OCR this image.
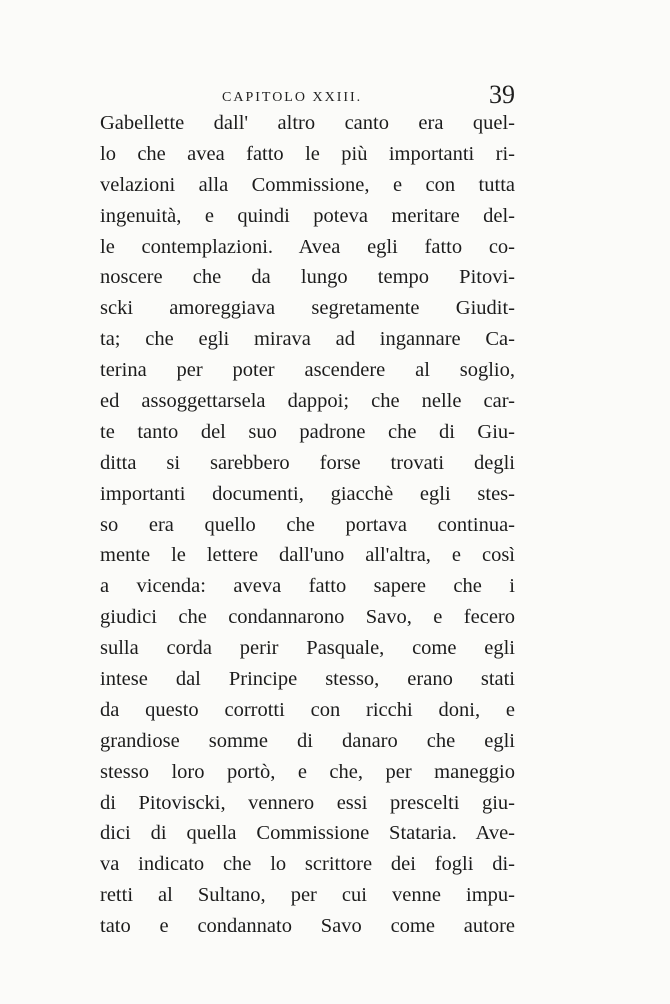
CAPITOLO XXIII.	39
Gabellette dall' altro canto era quel-
lo che avea fatto le più importanti ri-
velazioni alla Commissione, e con tutta
ingenuità, e quindi poteva meritare del-
le contemplazioni. Avea egli fatto co-
noscere che da lungo tempo Pitovi-
scki amoreggiava segretamente Giudit-
ta; che egli mirava ad ingannare Ca-
terina per poter ascendere al soglio,
ed assoggettarsela dappoi; che nelle car-
te tanto del suo padrone che di Giu-
ditta si sarebbero forse trovati degli
importanti documenti, giacchè egli stes-
so era quello che portava continua-
mente le lettere dall'uno all'altra, e così
a vicenda: aveva fatto sapere che i
giudici che condannarono Savo, e fecero
sulla corda perir Pasquale, come egli
intese dal Principe stesso, erano stati
da questo corrotti con ricchi doni, e
grandiose somme di danaro che egli
stesso loro portò, e che, per maneggio
di Pitoviscki, vennero essi prescelti giu-
dici di quella Commissione Stataria. Ave-
va indicato che lo scrittore dei fogli di-
retti al Sultano, per cui venne impu-
tato e condannato Savo come autore
